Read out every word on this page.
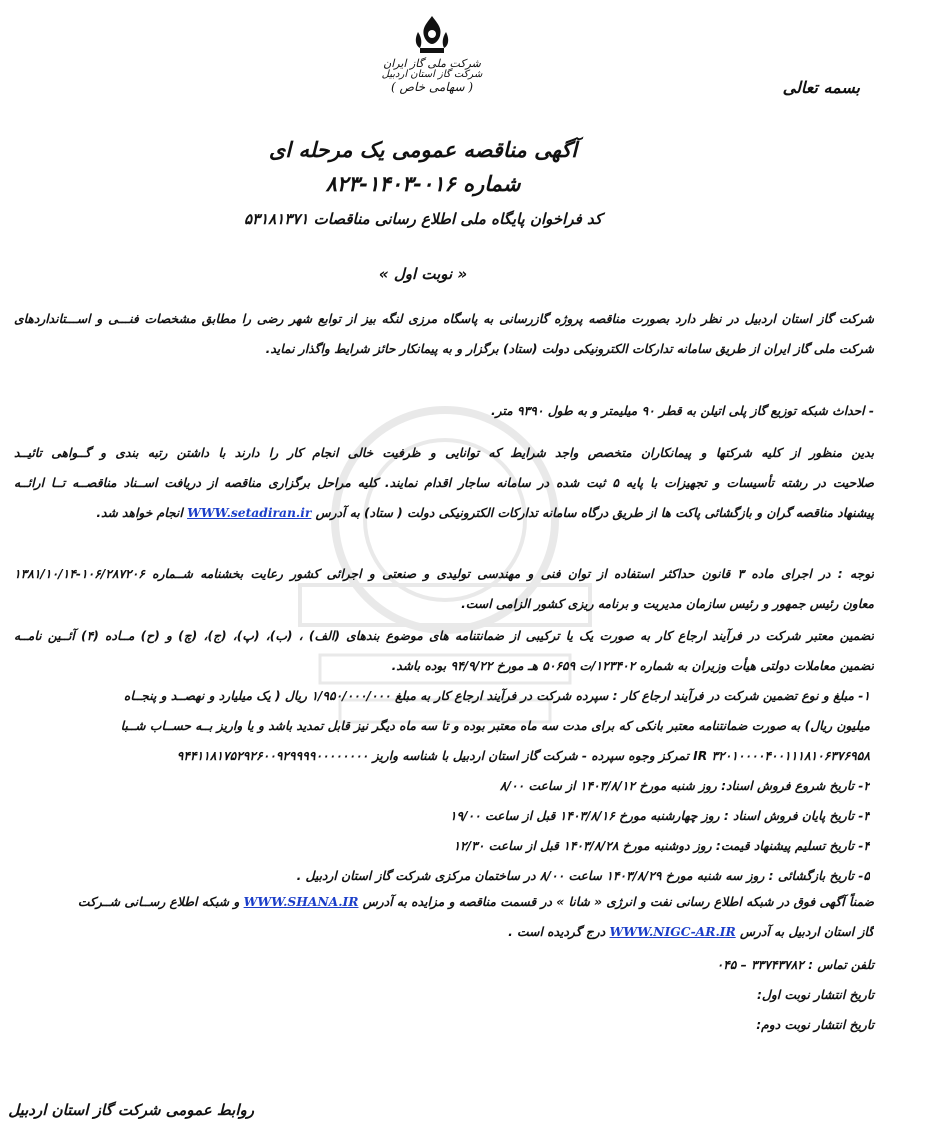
شرکت ملی گاز ایران
شرکت گاز استان اردبیل
( سهامی خاص )	بسمه تعالی
آگهی مناقصه عمومی یک مرحله ای
شماره ۰۱۶-۱۴۰۳-۸۲۳
کد فراخوان پایگاه ملی اطلاع رسانی مناقصات ۵۳۱۸۱۳۷۱
« نوبت اول »
شرکت گاز استان اردبیل در نظر دارد بصورت مناقصه پروژه گازرسانی به پاسگاه مرزی لنگه بیز از توابع شهر رضی را مطابق مشخصات فنـــی و اســـتانداردهای
شرکت ملی گاز ایران از طریق سامانه تدارکات الکترونیکی دولت (ستاد) برگزار و به پیمانکار حائز شرایط واگذار نماید.
- احداث شبکه توزیع گاز پلی اتیلن به قطر ۹۰ میلیمتر و به طول ۹۳۹۰ متر.
بدین منظور از کلیه شرکتها و پیمانکاران متخصص واجد شرایط که توانایی و ظرفیت خالی انجام کار را دارند با داشتن رتبه بندی و گــواهی تائیــد
صلاحیت در رشته تأسیسات و تجهیزات با پایه ۵ ثبت شده در سامانه ساجار اقدام نمایند. کلیه مراحل برگزاری مناقصه از دریافت اســناد مناقصــه تــا ارائــه
پیشنهاد مناقصه گران و بازگشائی پاکت ها از طریق درگاه سامانه تدارکات الکترونیکی دولت ( ستاد) به آدرس WWW.setadiran.ir انجام خواهد شد.
توجه : در اجرای ماده ۳ قانون حداکثر استفاده از توان فنی و مهندسی تولیدی و صنعتی و اجرائی کشور رعایت بخشنامه شــماره ۱۰۶/۲۸۷۲۰۶-۱۳۸۱/۱۰/۱۴
معاون رئیس جمهور و رئیس سازمان مدیریت و برنامه ریزی کشور الزامی است.
تضمین معتبر شرکت در فرآیند ارجاع کار به صورت یک یا ترکیبی از ضمانتنامه های موضوع بندهای (الف) ، (ب)، (پ)، (ج)، (چ) و (ح) مــاده (۴) آئــین نامــه
تضمین معاملات دولتی هیأت وزیران به شماره ۱۲۳۴۰۲/ت ۵۰۶۵۹ هـ مورخ ۹۴/۹/۲۲ بوده باشد.
۱- مبلغ و نوع تضمین شرکت در فرآیند ارجاع کار : سپرده شرکت در فرآیند ارجاع کار به مبلغ ۱/۹۵۰/۰۰۰/۰۰۰ ریال ( یک میلیارد و نهصــد و پنجــاه
میلیون ریال) به صورت ضمانتنامه معتبر بانکی که برای مدت سه ماه معتبر بوده و تا سه ماه دیگر نیز قابل تمدید باشد و یا واریز بــه حســاب شــبا
IR ۳۲۰۱۰۰۰۰۴۰۰۱۱۱۸۱۰۶۳۷۶۹۵۸ تمرکز وجوه سپرده - شرکت گاز استان اردبیل با شناسه واریز ۹۴۴۱۱۸۱۷۵۲۹۲۶۰۰۹۲۹۹۹۹۰۰۰۰۰۰۰۰
۲- تاریخ شروع فروش اسناد: روز شنبه مورخ ۱۴۰۳/۸/۱۲ از ساعت ۸/۰۰
۳- تاریخ پایان فروش اسناد : روز چهارشنبه مورخ ۱۴۰۳/۸/۱۶ قبل از ساعت ۱۹/۰۰
۴- تاریخ تسلیم پیشنهاد قیمت: روز دوشنبه مورخ ۱۴۰۳/۸/۲۸ قبل از ساعت ۱۲/۳۰
۵- تاریخ بازگشائی : روز سه شنبه مورخ ۱۴۰۳/۸/۲۹ ساعت ۸/۰۰ در ساختمان مرکزی شرکت گاز استان اردبیل .
ضمناً آگهی فوق در شبکه اطلاع رسانی نفت و انرژی « شانا » در قسمت مناقصه و مزایده به آدرس WWW.SHANA.IR و شبکه اطلاع رســانی شــرکت
گاز استان اردبیل به آدرس WWW.NIGC-AR.IR درج گردیده است .
تلفن تماس : ۳۳۷۴۳۷۸۲ – ۰۴۵
تاریخ انتشار نوبت اول:
تاریخ انتشار نوبت دوم:
روابط عمومی شرکت گاز استان اردبیل
